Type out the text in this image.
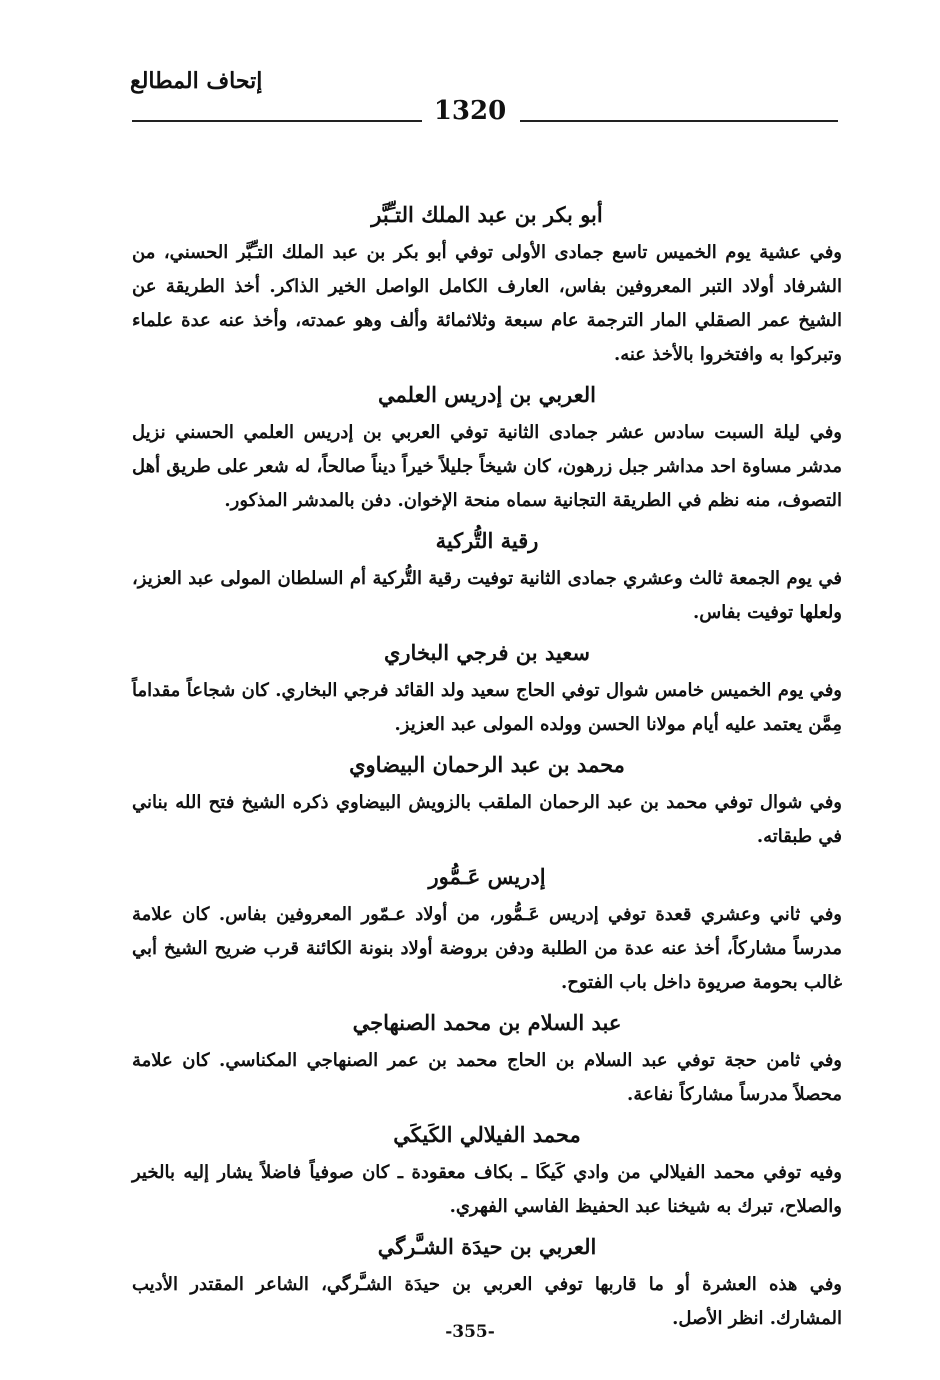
إتحاف المطالع
1320
أبو بكر بن عبد الملك التـِّبَّر

وفي عشية يوم الخميس تاسع جمادى الأولى توفي أبو بكر بن عبد الملك التـِّبَّر الحسني، من الشرفاد أولاد التبر المعروفين بفاس، العارف الكامل الواصل الخير الذاكر. أخذ الطريقة عن الشيخ عمر الصقلي المار الترجمة عام سبعة وثلاثمائة وألف وهو عمدته، وأخذ عنه عدة علماء وتبركوا به وافتخروا بالأخذ عنه.

العربي بن إدريس العلمي

وفي ليلة السبت سادس عشر جمادى الثانية توفي العربي بن إدريس العلمي الحسني نزيل مدشر مساوة احد مداشر جبل زرهون، كان شيخاً جليلاً خيراً ديناً صالحاً، له شعر على طريق أهل التصوف، منه نظم في الطريقة التجانية سماه منحة الإخوان. دفن بالمدشر المذكور.

رقية التُّركية

في يوم الجمعة ثالث وعشري جمادى الثانية توفيت رقية التُّركية أم السلطان المولى عبد العزيز، ولعلها توفيت بفاس.

سعيد بن فرجي البخاري

وفي يوم الخميس خامس شوال توفي الحاج سعيد ولد القائد فرجي البخاري. كان شجاعاً مقداماً مِمَّن يعتمد عليه أيام مولانا الحسن وولده المولى عبد العزيز.

محمد بن عبد الرحمان البيضاوي

وفي شوال توفي محمد بن عبد الرحمان الملقب بالزويش البيضاوي ذكره الشيخ فتح الله بناني في طبقاته.

إدريس عَـمُّور

وفي ثاني وعشري قعدة توفي إدريس عَـمُّور، من أولاد عـمّور المعروفين بفاس. كان علامة مدرساً مشاركاً، أخذ عنه عدة من الطلبة ودفن بروضة أولاد بنونة الكائنة قرب ضريح الشيخ أبي غالب بحومة صريوة داخل باب الفتوح.

عبد السلام بن محمد الصنهاجي

وفي ثامن حجة توفي عبد السلام بن الحاج محمد بن عمر الصنهاجي المكناسي. كان علامة محصلاً مدرساً مشاركاً نفاعة.

محمد الفيلالي الكَيكَي

وفيه توفي محمد الفيلالي من وادي كَيكَا ـ بكاف معقودة ـ كان صوفياً فاضلاً يشار إليه بالخير والصلاح، تبرك به شيخنا عبد الحفيظ الفاسي الفهري.

العربي بن حيدَة الشـَّرگي

وفي هذه العشرة أو ما قاربها توفي العربي بن حيدَة الشـَّرگي، الشاعر المقتدر الأديب المشارك. انظر الأصل.

-355-
